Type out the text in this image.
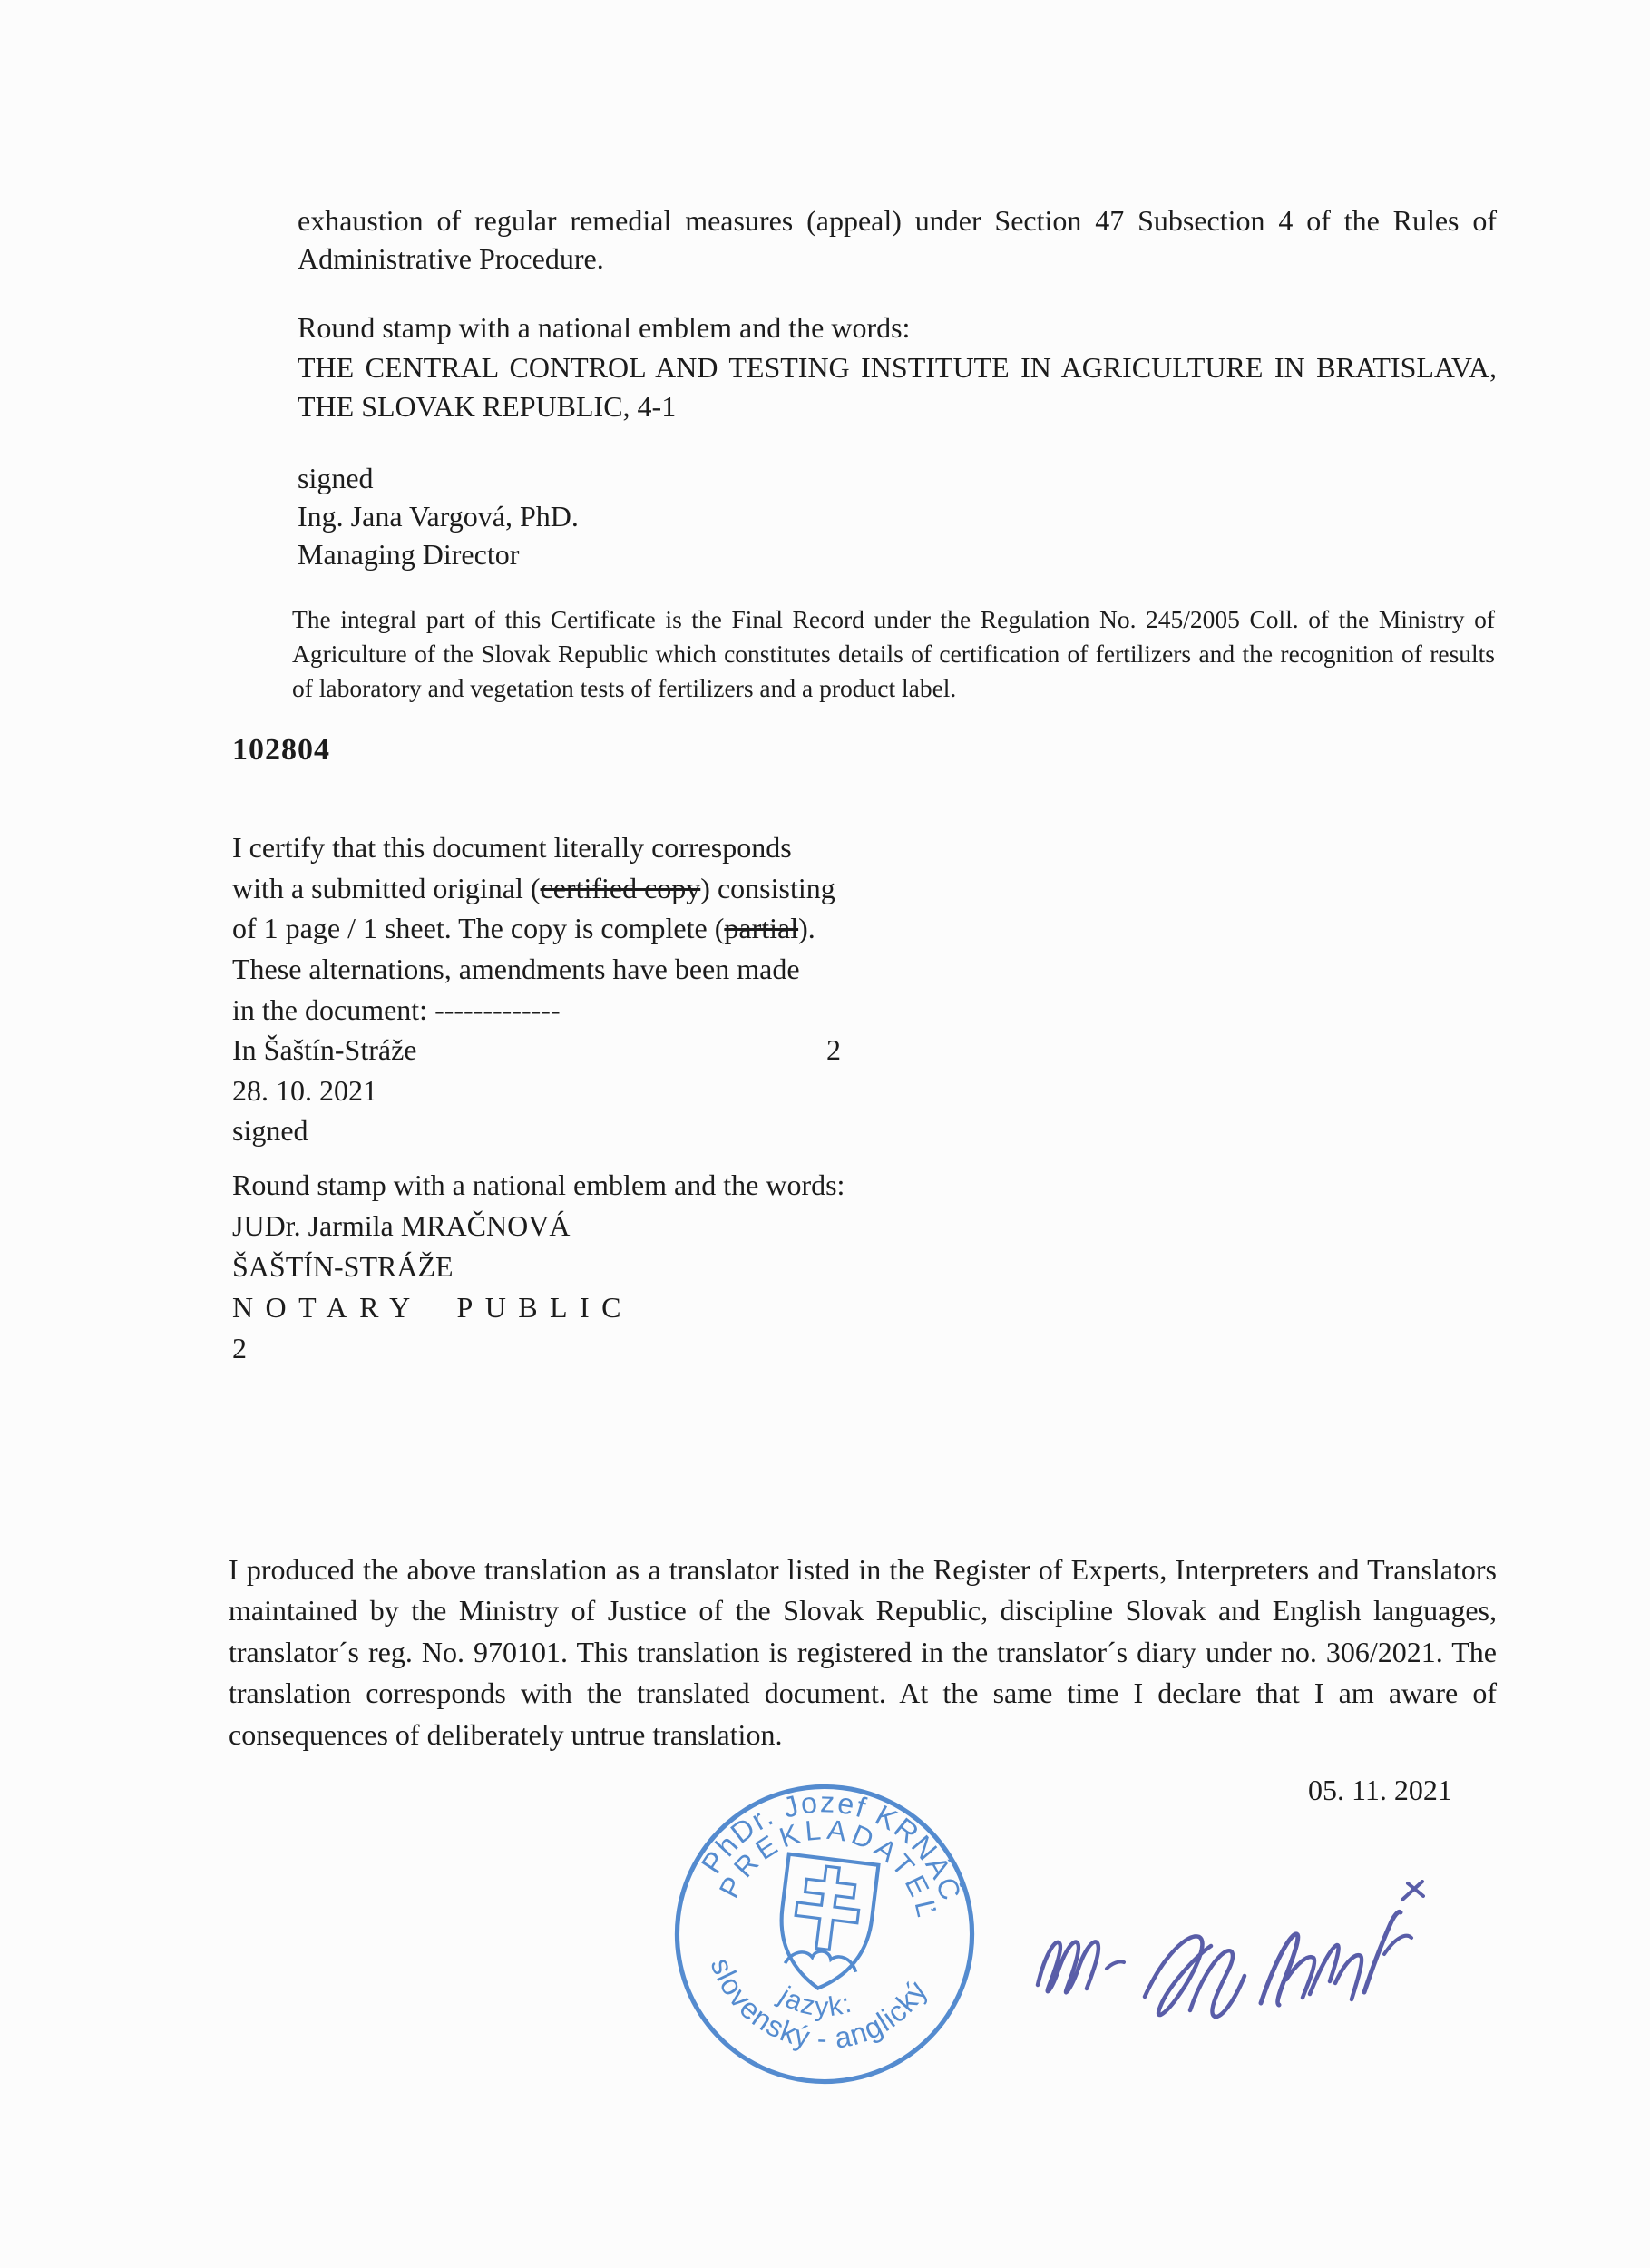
exhaustion of regular remedial measures (appeal) under Section 47 Subsection 4 of the Rules of Administrative Procedure.

Round stamp with a national emblem and the words:
THE CENTRAL CONTROL AND TESTING INSTITUTE IN AGRICULTURE IN BRATISLAVA, THE SLOVAK REPUBLIC, 4-1
signed
Ing. Jana Vargová, PhD.
Managing Director

The integral part of this Certificate is the Final Record under the Regulation No. 245/2005 Coll. of the Ministry of Agriculture of the Slovak Republic which constitutes details of certification of fertilizers and the recognition of results of laboratory and vegetation tests of fertilizers and a product label.

102804
I certify that this document literally corresponds
with a submitted original (certified copy) consisting
of 1 page / 1 sheet. The copy is complete (partial).
These alternations, amendments have been made
in the document: -------------
In Šaštín-Stráže	2
28. 10. 2021
signed
Round stamp with a national emblem and the words:
JUDr. Jarmila MRAČNOVÁ
ŠAŠTÍN-STRÁŽE
NOTARY PUBLIC
2

I produced the above translation as a translator listed in the Register of Experts, Interpreters and Translators maintained by the Ministry of Justice of the Slovak Republic, discipline Slovak and English languages, translator´s reg. No. 970101. This translation is registered in the translator´s diary under no. 306/2021. The translation corresponds with the translated document. At the same time I declare that I am aware of consequences of deliberately untrue translation.

05. 11. 2021
PhDr. Jozef KRNÁČ
PREKLADATEĽ
slovenský - anglický
jazyk:
